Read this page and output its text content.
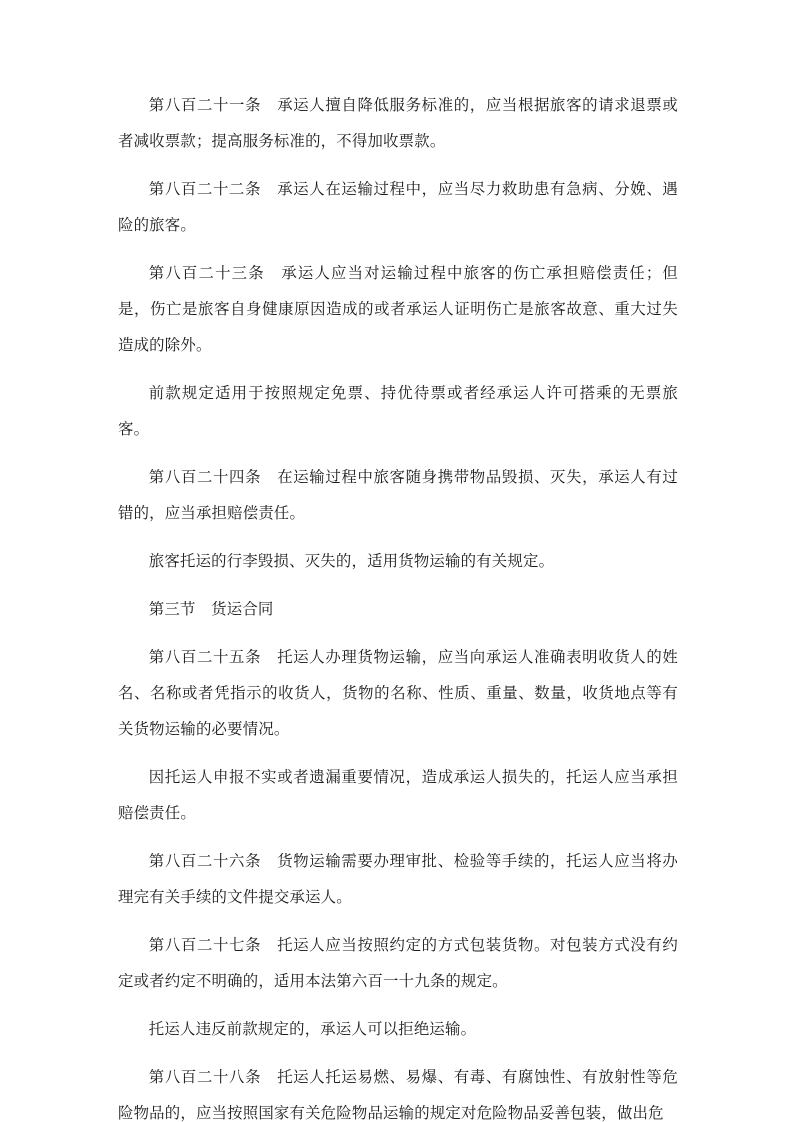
第八百二十一条　承运人擅自降低服务标准的，应当根据旅客的请求退票或者减收票款；提高服务标准的，不得加收票款。

第八百二十二条　承运人在运输过程中，应当尽力救助患有急病、分娩、遇险的旅客。

第八百二十三条　承运人应当对运输过程中旅客的伤亡承担赔偿责任；但是，伤亡是旅客自身健康原因造成的或者承运人证明伤亡是旅客故意、重大过失造成的除外。

前款规定适用于按照规定免票、持优待票或者经承运人许可搭乘的无票旅客。

第八百二十四条　在运输过程中旅客随身携带物品毁损、灭失，承运人有过错的，应当承担赔偿责任。

旅客托运的行李毁损、灭失的，适用货物运输的有关规定。

第三节　货运合同

第八百二十五条　托运人办理货物运输，应当向承运人准确表明收货人的姓名、名称或者凭指示的收货人，货物的名称、性质、重量、数量，收货地点等有关货物运输的必要情况。

因托运人申报不实或者遗漏重要情况，造成承运人损失的，托运人应当承担赔偿责任。

第八百二十六条　货物运输需要办理审批、检验等手续的，托运人应当将办理完有关手续的文件提交承运人。

第八百二十七条　托运人应当按照约定的方式包装货物。对包装方式没有约定或者约定不明确的，适用本法第六百一十九条的规定。

托运人违反前款规定的，承运人可以拒绝运输。

第八百二十八条　托运人托运易燃、易爆、有毒、有腐蚀性、有放射性等危险物品的，应当按照国家有关危险物品运输的规定对危险物品妥善包装，做出危
